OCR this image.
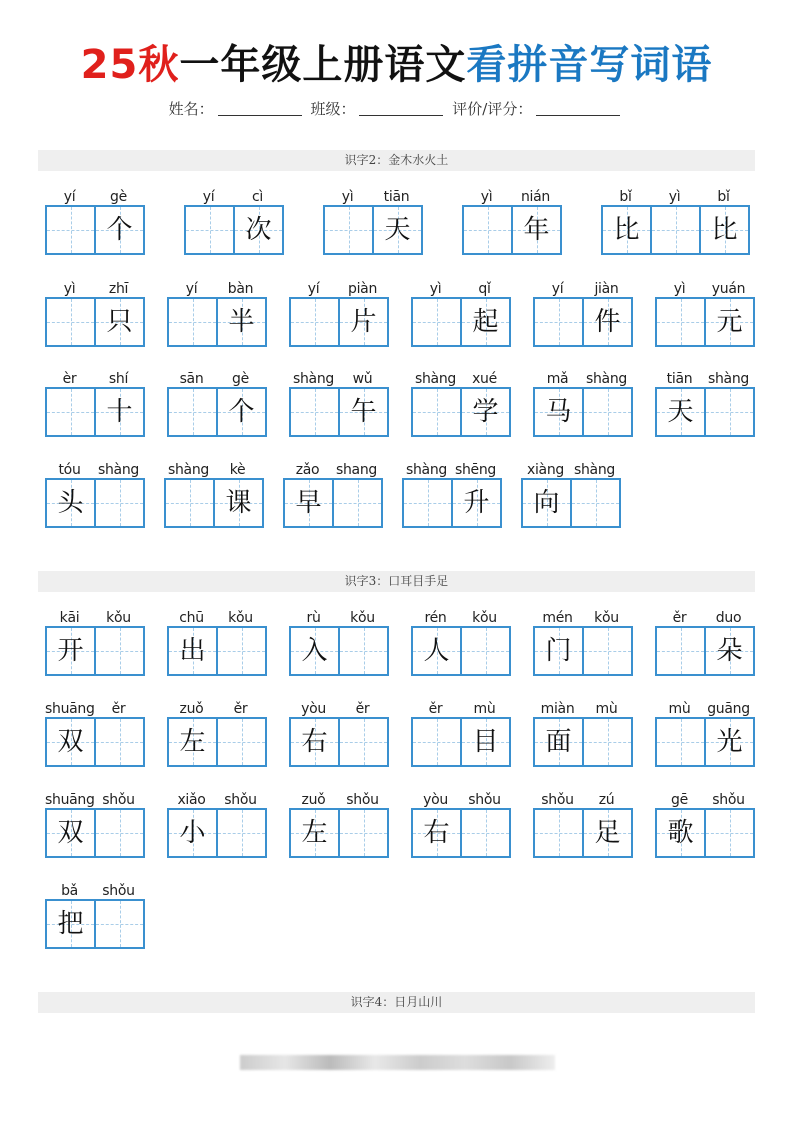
25秋一年级上册语文看拼音写词语
姓名：	班级：	评价/评分：
识字2：金木水火土
识字3：口耳目手足
识字4：日月山川
yí	gè
个
yí	cì
次
yì	tiān
天
yì	nián
年
bǐ	yì	bǐ
比	比
yì	zhī
只
yí	bàn
半
yí	piàn
片
yì	qǐ
起
yí	jiàn
件
yì	yuán
元
èr	shí
十
sān	gè
个
shàng	wǔ
午
shàng	xué
学
mǎ	shàng
马
tiān	shàng
天
tóu	shàng
头
shàng	kè
课
zǎo	shang
早
shàng shēng
升
xiàng shàng
向
kāi	kǒu
开
chū	kǒu
出
rù	kǒu
入
rén	kǒu
人
mén	kǒu
门
ěr	duo
朵
shuāng	ěr
双
zuǒ	ěr
左
yòu	ěr
右
ěr	mù
目
miàn	mù
面
mù	guāng
光
shuāng shǒu
双
xiǎo	shǒu
小
zuǒ	shǒu
左
yòu	shǒu
右
shǒu	zú
足
gē	shǒu
歌
bǎ	shǒu
把
